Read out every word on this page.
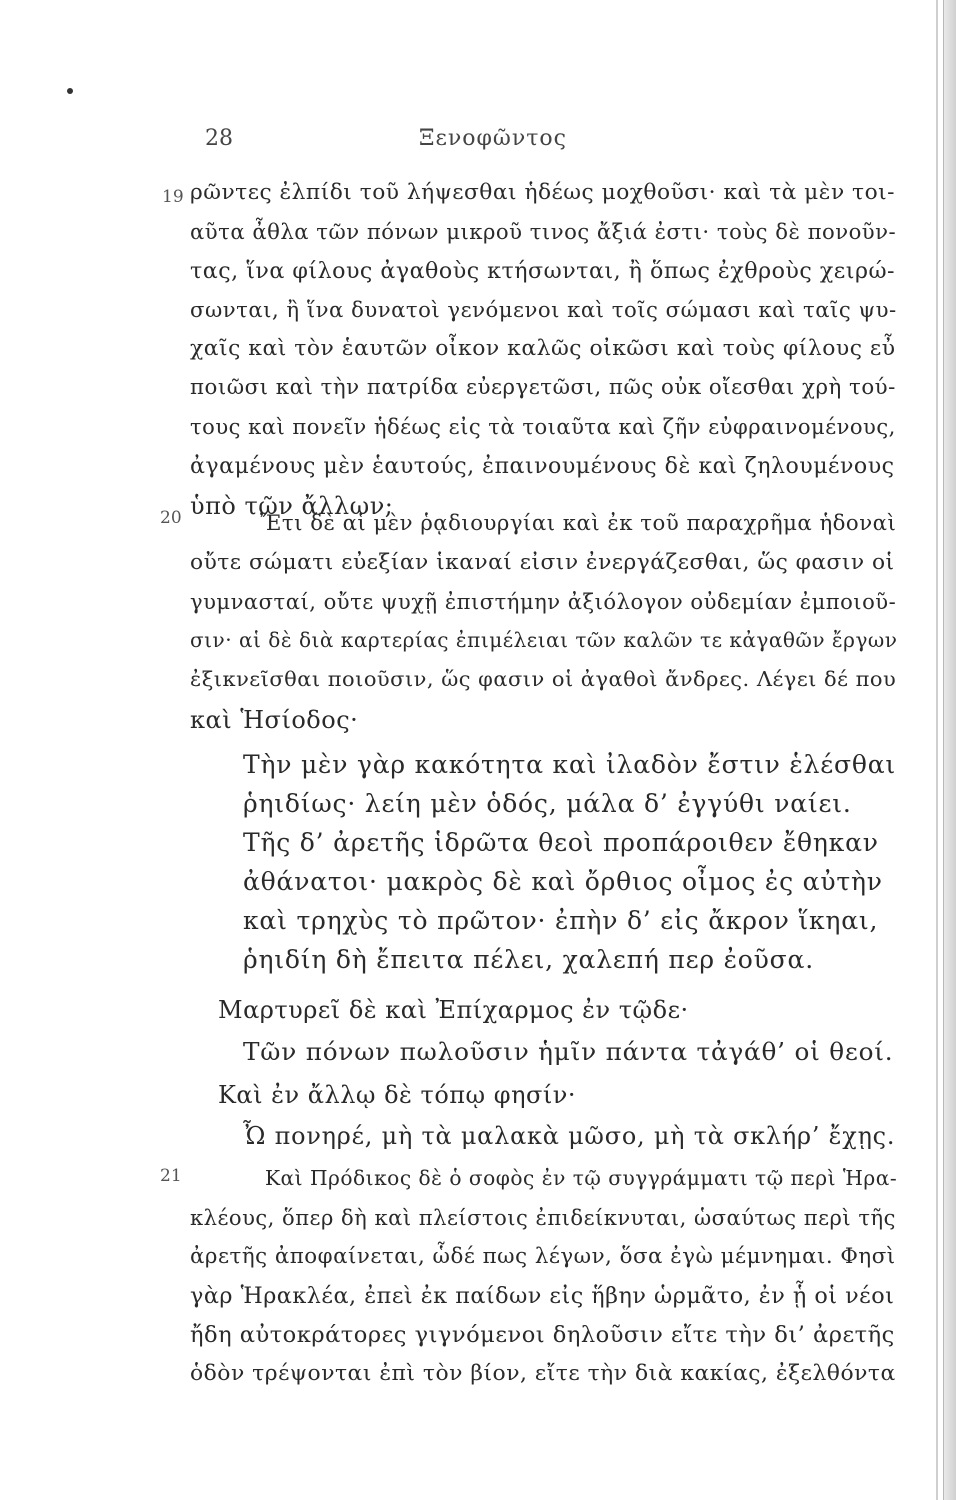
28	Ξενοφῶντος
19 ρῶντες ἐλπίδι τοῦ λήψεσθαι ἡδέως μοχθοῦσι· καὶ τὰ μὲν τοι-
αῦτα ἆθλα τῶν πόνων μικροῦ τινος ἄξιά ἐστι· τοὺς δὲ πονοῦν-
τας, ἵνα φίλους ἀγαθοὺς κτήσωνται, ἢ ὅπως ἐχθροὺς χειρώ-
σωνται, ἢ ἵνα δυνατοὶ γενόμενοι καὶ τοῖς σώμασι καὶ ταῖς ψυ-
χαῖς καὶ τὸν ἑαυτῶν οἶκον καλῶς οἰκῶσι καὶ τοὺς φίλους εὖ
ποιῶσι καὶ τὴν πατρίδα εὐεργετῶσι, πῶς οὐκ οἴεσθαι χρὴ τού-
τους καὶ πονεῖν ἡδέως εἰς τὰ τοιαῦτα καὶ ζῆν εὐφραινομένους,
ἀγαμένους μὲν ἑαυτούς, ἐπαινουμένους δὲ καὶ ζηλουμένους
ὑπὸ τῶν ἄλλων;
20	Ἔτι δὲ αἱ μὲν ῥᾳδιουργίαι καὶ ἐκ τοῦ παραχρῆμα ἡδοναὶ
οὔτε σώματι εὐεξίαν ἱκαναί εἰσιν ἐνεργάζεσθαι, ὥς φασιν οἱ
γυμνασταί, οὔτε ψυχῇ ἐπιστήμην ἀξιόλογον οὐδεμίαν ἐμποιοῦ-
σιν· αἱ δὲ διὰ καρτερίας ἐπιμέλειαι τῶν καλῶν τε κἀγαθῶν ἔργων
ἐξικνεῖσθαι ποιοῦσιν, ὥς φασιν οἱ ἀγαθοὶ ἄνδρες. Λέγει δέ που
καὶ Ἡσίοδος·
Τὴν μὲν γὰρ κακότητα καὶ ἰλαδὸν ἔστιν ἑλέσθαι
ῥηιδίως· λείη μὲν ὁδός, μάλα δ’ ἐγγύθι ναίει.
Τῆς δ’ ἀρετῆς ἱδρῶτα θεοὶ προπάροιθεν ἔθηκαν
ἀθάνατοι· μακρὸς δὲ καὶ ὄρθιος οἶμος ἐς αὐτὴν
καὶ τρηχὺς τὸ πρῶτον· ἐπὴν δ’ εἰς ἄκρον ἵκηαι,
ῥηιδίη δὴ ἔπειτα πέλει, χαλεπή περ ἐοῦσα.
Μαρτυρεῖ δὲ καὶ Ἐπίχαρμος ἐν τῷδε·
Τῶν πόνων πωλοῦσιν ἡμῖν πάντα τἀγάθ’ οἱ θεοί.
Καὶ ἐν ἄλλῳ δὲ τόπῳ φησίν·
Ὦ πονηρέ, μὴ τὰ μαλακὰ μῶσο, μὴ τὰ σκλήρ’ ἔχῃς.
21	Καὶ Πρόδικος δὲ ὁ σοφὸς ἐν τῷ συγγράμματι τῷ περὶ Ἡρα-
κλέους, ὅπερ δὴ καὶ πλείστοις ἐπιδείκνυται, ὡσαύτως περὶ τῆς
ἀρετῆς ἀποφαίνεται, ὧδέ πως λέγων, ὅσα ἐγὼ μέμνημαι. Φησὶ
γὰρ Ἡρακλέα, ἐπεὶ ἐκ παίδων εἰς ἥβην ὡρμᾶτο, ἐν ᾗ οἱ νέοι
ἤδη αὐτοκράτορες γιγνόμενοι δηλοῦσιν εἴτε τὴν δι’ ἀρετῆς
ὁδὸν τρέψονται ἐπὶ τὸν βίον, εἴτε τὴν διὰ κακίας, ἐξελθόντα
